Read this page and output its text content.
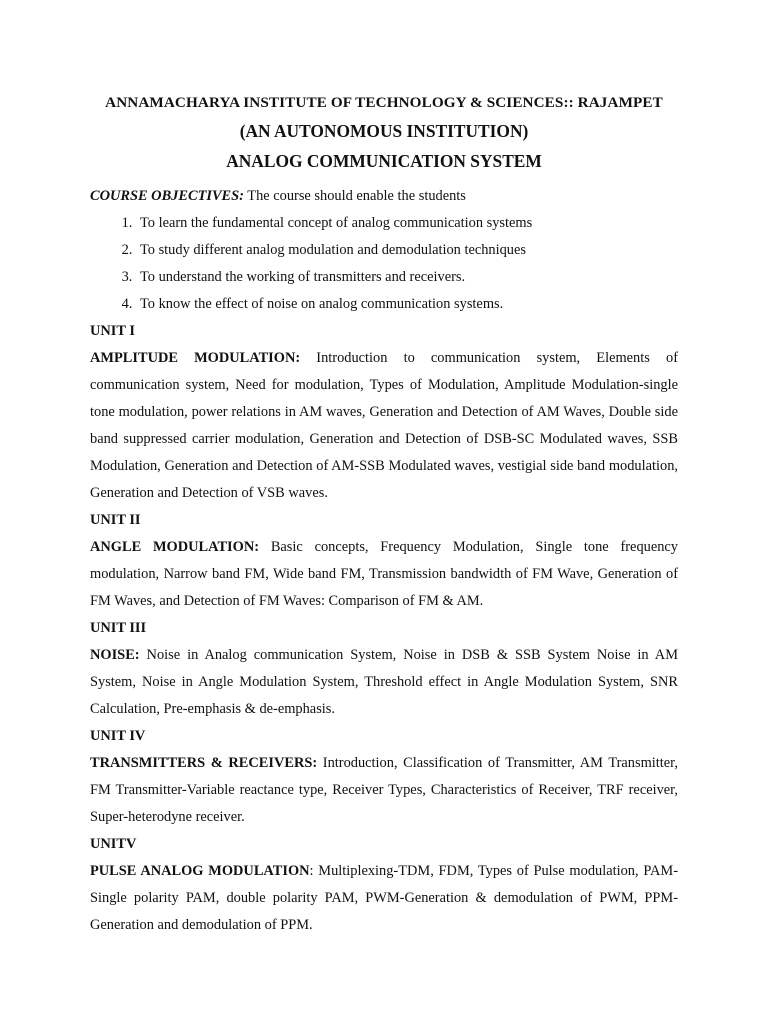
ANNAMACHARYA INSTITUTE OF TECHNOLOGY & SCIENCES:: RAJAMPET
(AN AUTONOMOUS INSTITUTION)
ANALOG COMMUNICATION SYSTEM
COURSE OBJECTIVES: The course should enable the students
1. To learn the fundamental concept of analog communication systems
2. To study different analog modulation and demodulation techniques
3. To understand the working of transmitters and receivers.
4. To know the effect of noise on analog communication systems.
UNIT I

AMPLITUDE MODULATION: Introduction to communication system, Elements of communication system, Need for modulation, Types of Modulation, Amplitude Modulation-single tone modulation, power relations in AM waves, Generation and Detection of AM Waves, Double side band suppressed carrier modulation, Generation and Detection of DSB-SC Modulated waves, SSB Modulation, Generation and Detection of AM-SSB Modulated waves, vestigial side band modulation, Generation and Detection of VSB waves.

UNIT II

ANGLE MODULATION: Basic concepts, Frequency Modulation, Single tone frequency modulation, Narrow band FM, Wide band FM, Transmission bandwidth of FM Wave, Generation of FM Waves, and Detection of FM Waves: Comparison of FM & AM.

UNIT III

NOISE: Noise in Analog communication System, Noise in DSB & SSB System Noise in AM System, Noise in Angle Modulation System, Threshold effect in Angle Modulation System, SNR Calculation, Pre-emphasis & de-emphasis.

UNIT IV

TRANSMITTERS & RECEIVERS: Introduction, Classification of Transmitter, AM Transmitter, FM Transmitter-Variable reactance type, Receiver Types, Characteristics of Receiver, TRF receiver, Super-heterodyne receiver.

UNITV

PULSE ANALOG MODULATION: Multiplexing-TDM, FDM, Types of Pulse modulation, PAM-Single polarity PAM, double polarity PAM, PWM-Generation & demodulation of PWM, PPM-Generation and demodulation of PPM.
